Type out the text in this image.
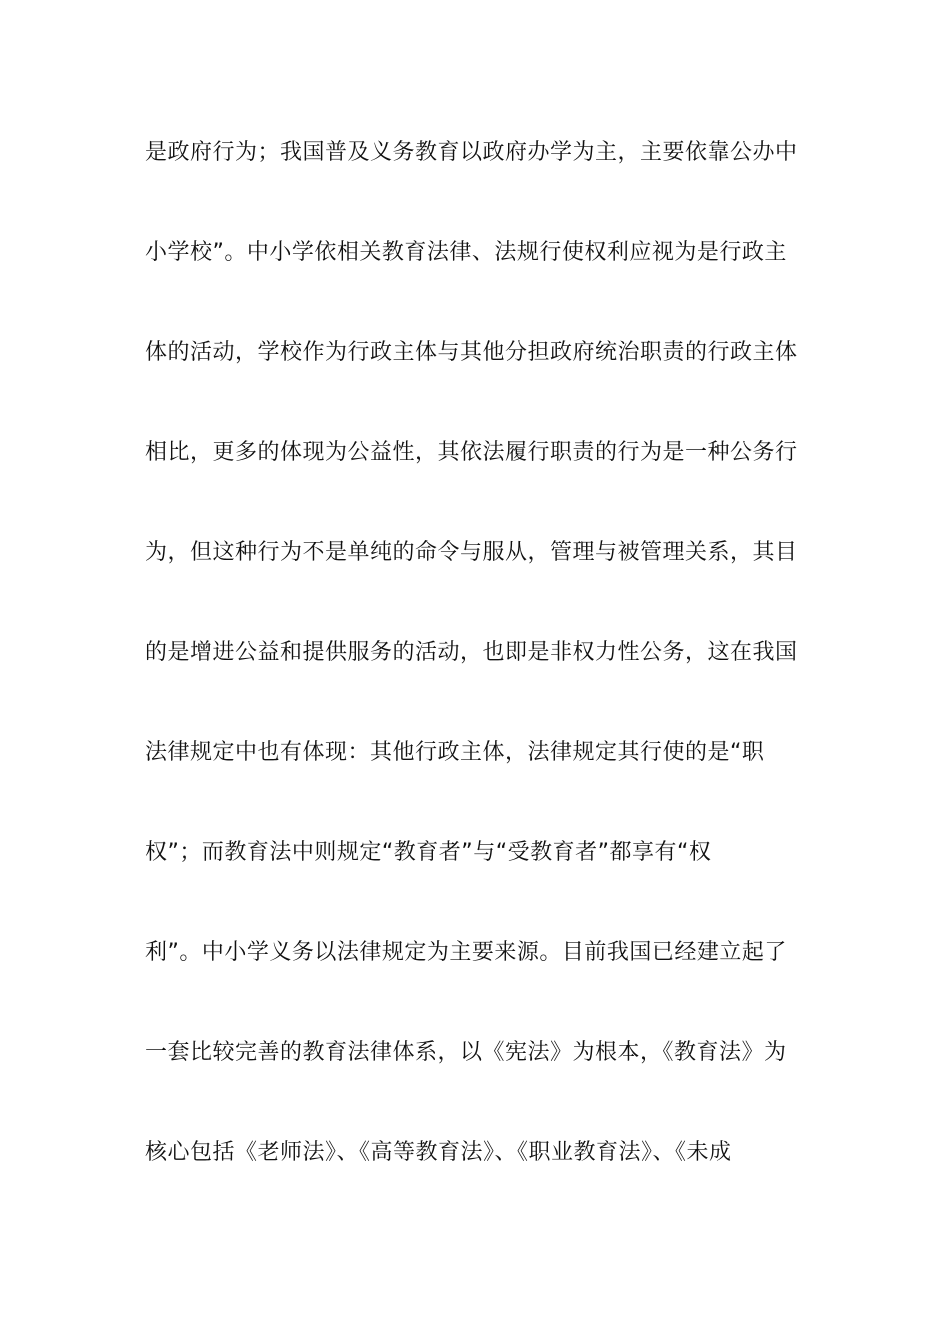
是政府行为；我国普及义务教育以政府办学为主，主要依靠公办中
小学校”。中小学依相关教育法律、法规行使权利应视为是行政主
体的活动，学校作为行政主体与其他分担政府统治职责的行政主体
相比，更多的体现为公益性，其依法履行职责的行为是一种公务行
为，但这种行为不是单纯的命令与服从，管理与被管理关系，其目
的是增进公益和提供服务的活动，也即是非权力性公务，这在我国
法律规定中也有体现：其他行政主体，法律规定其行使的是“职
权”；而教育法中则规定“教育者”与“受教育者”都享有“权
利”。中小学义务以法律规定为主要来源。目前我国已经建立起了
一套比较完善的教育法律体系，以《宪法》为根本，《教育法》为
核心包括《老师法》、《高等教育法》、《职业教育法》、《未成
